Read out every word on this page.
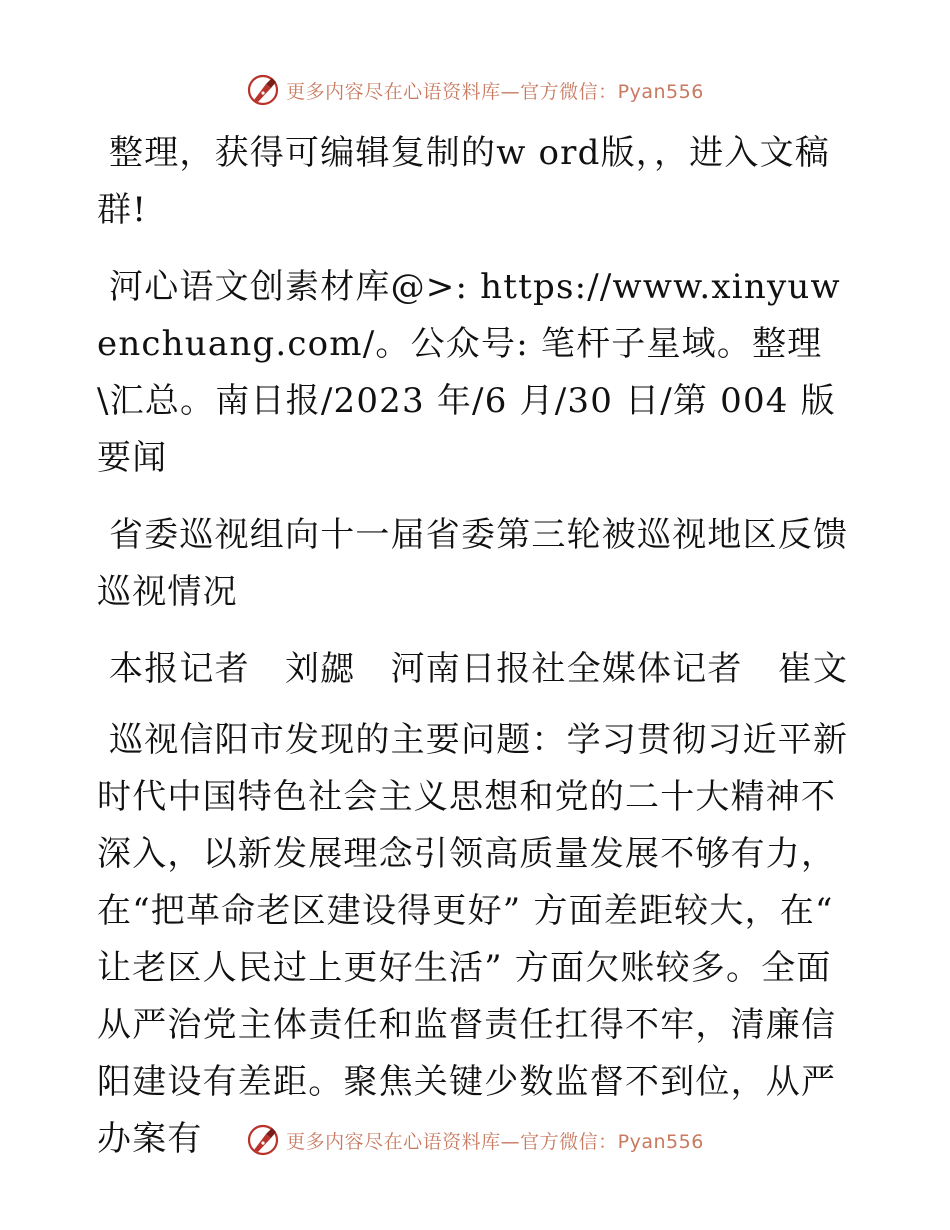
更多内容尽在心语资料库—官方微信：Pyan556

整理，获得可编辑复制的w ord版，，进入文稿群!

河心语文创素材库@>: https://www.xinyuwenchuang.com/。公众号: 笔杆子星域。整理\汇总。南日报/2023 年/6 月/30 日/第 004 版要闻

省委巡视组向十一届省委第三轮被巡视地区反馈巡视情况

本报记者　刘勰　河南日报社全媒体记者　崔文

巡视信阳市发现的主要问题：学习贯彻习近平新时代中国特色社会主义思想和党的二十大精神不深入，以新发展理念引领高质量发展不够有力，在“把革命老区建设得更好” 方面差距较大，在“ 让老区人民过上更好生活” 方面欠账较多。全面从严治党主体责任和监督责任扛得不牢，清廉信阳建设有差距。聚焦关键少数监督不到位，从严办案有	更多内容尽在心语资料库—官方微信：Pyan556
